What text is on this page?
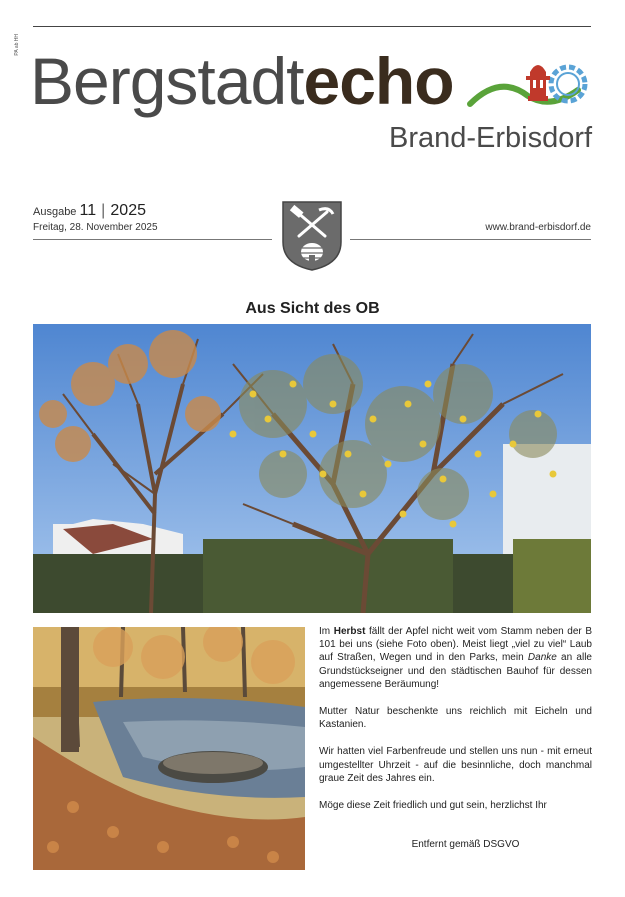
PA ab HH Bergstadtecho
Brand-Erbisdorf
Ausgabe 11 | 2025
Freitag, 28. November 2025	www.brand-erbisdorf.de
Aus Sicht des OB

Im Herbst fällt der Apfel nicht weit vom Stamm neben der B 101 bei uns (siehe Foto oben). Meist liegt „viel zu viel“ Laub auf Straßen, Wegen und in den Parks, mein Danke an alle Grundstückseigner und den städtischen Bauhof für dessen angemessene Beräumung!

Mutter Natur beschenkte uns reichlich mit Eicheln und Kastanien.

Wir hatten viel Farbenfreude und stellen uns nun - mit erneut umgestellter Uhrzeit - auf die besinnliche, doch manchmal graue Zeit des Jahres ein.

Möge diese Zeit friedlich und gut sein, herzlichst Ihr

Entfernt gemäß DSGVO
